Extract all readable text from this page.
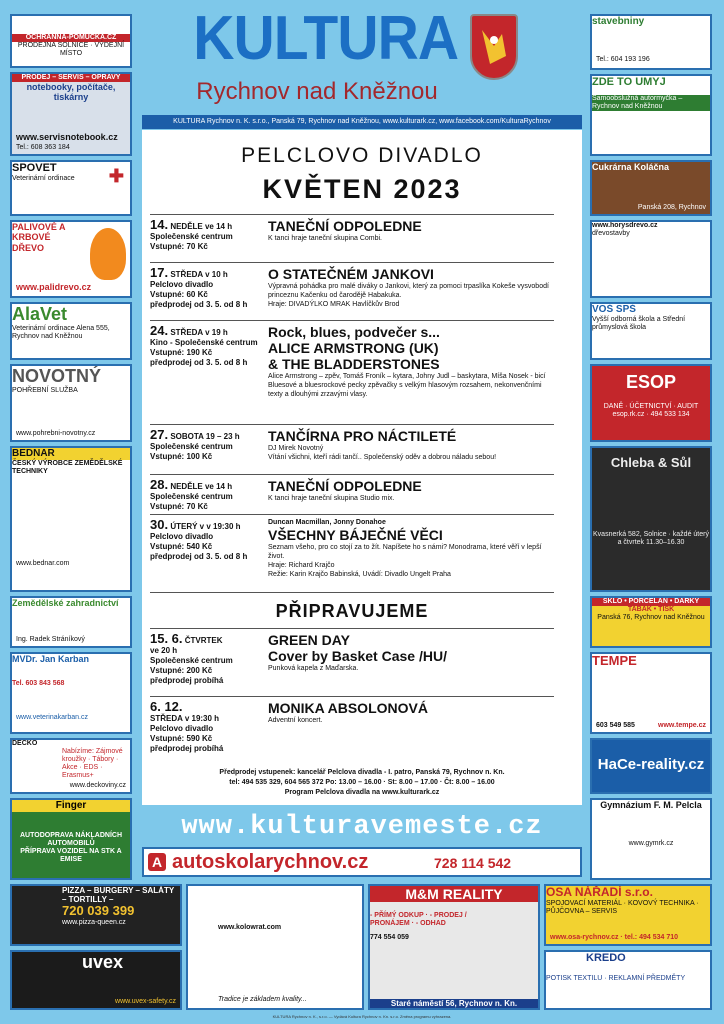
KULTURA
Rychnov nad Kněžnou
KULTURA Rychnov n. K. s.r.o., Panská 79, Rychnov nad Kněžnou, www.kulturark.cz, www.facebook.com/KulturaRychnov
PELCLOVO DIVADLO
KVĚTEN 2023
14. NEDĚLE ve 14 h
Společenské centrum
Vstupné: 70 Kč
TANEČNÍ ODPOLEDNE
K tanci hraje taneční skupina Combi.
17. STŘEDA v 10 h
Pelclovo divadlo
Vstupné: 60 Kč
předprodej od 3. 5. od 8 h
O STATEČNÉM JANKOVI
Výpravná pohádka pro malé diváky o Jankovi, který za pomoci trpaslíka Kokeše vysvobodí princeznu Kačenku od čarodějě Habakuka.
Hraje: DIVADÝLKO MRAK Havlíčkův Brod
24. STŘEDA v 19 h
Kino - Společenské centrum
Vstupné: 190 Kč
předprodej od 3. 5. od 8 h
Rock, blues, podvečer s...
ALICE ARMSTRONG (UK)
& THE BLADDERSTONES
Alice Armstrong – zpěv, Tomáš Froník – kytara, Johny Judl – baskytara, Míša Nosek - bicí
Bluesové a bluesrockové pecky zpěvačky s velkým hlasovým rozsahem, nekonvenčními texty a dlouhými zrzavými vlasy.
27. SOBOTA 19 – 23 h
Společenské centrum
Vstupné: 100 Kč
TANČÍRNA PRO NÁCTILETÉ
DJ Mirek Novotný
Vítání všichni, kteří rádi tančí.. Společenský oděv a dobrou náladu sebou!
28. NEDĚLE ve 14 h
Společenské centrum
Vstupné: 70 Kč
TANEČNÍ ODPOLEDNE
K tanci hraje taneční skupina Studio mix.
30. ÚTERÝ v v 19:30 h
Pelclovo divadlo
Vstupné: 540 Kč
předprodej od 3. 5. od 8 h
Duncan Macmillan, Jonny Donahoe
VŠECHNY BÁJEČNÉ VĚCI
Seznam všeho, pro co stojí za to žít. Napíšete ho s námi? Monodrama, které věří v lepší život.
Hraje: Richard Krajčo
Režie: Karin Krajčo Babinská, Uvádí: Divadlo Ungelt Praha
PŘIPRAVUJEME
15. 6. ČTVRTEK
ve 20 h
Společenské centrum
Vstupné: 200 Kč
předprodej probíhá
GREEN DAY
Cover by Basket Case /HU/
Punková kapela z Maďarska.
6. 12.
STŘEDA v 19:30 h
Pelclovo divadlo
Vstupné: 590 Kč
předprodej probíhá
MONIKA ABSOLONOVÁ
Adventní koncert.
Předprodej vstupenek: kancelář Pelclova divadla - I. patro, Panská 79, Rychnov n. Kn.
tel: 494 535 329, 604 565 372 Po: 13.00 – 16.00 · St: 8.00 – 17.00 · Čt: 8.00 – 16.00
Program Pelclova divadla na www.kulturark.cz
www.kulturavemeste.cz
A autoskolarychnov.cz	728 114 542
OCHRANNA-POMUCKA.CZ
PRODEJNA SOLNICE · VÝDEJNÍ MÍSTO
PRODEJ – SERVIS – OPRAVY
notebooky, počítače, tiskárny
www.servisnotebook.cz
Tel.: 608 363 184
SPOVET
Veterinární ordinace	✚
PALIVOVÉ A KRBOVÉ DŘEVO
www.palidrevo.cz
AlaVet
Veterinární ordinace Alena 555, Rychnov nad Kněžnou
NOVOTNÝ
POHŘEBNÍ SLUŽBA
www.pohrebni-novotny.cz
BEDNAR
ČESKÝ VÝROBCE ZEMĚDĚLSKÉ TECHNIKY
www.bednar.com
Zemědělské zahradnictví
Ing. Radek Stráníkový
MVDr. Jan Karban
Tel. 603 843 568
www.veterinakarban.cz
DĚČKO
Nabízíme: Zájmové kroužky · Tábory · Akce · EDS · Erasmus+
www.deckoviny.cz
Finger
AUTODOPRAVA NÁKLADNÍCH AUTOMOBILŮ
PŘÍPRAVA VOZIDEL NA STK A EMISE
stavebniny
Tel.: 604 193 196
ZDE TO UMYJ
Samoobslužná autormyčka – Rychnov nad Kněžnou
Cukrárna Koláčna
Panská 208, Rychnov
www.horysdrevo.cz
dřevostavby
VOŠ SPŠ
Vyšší odborná škola a Střední průmyslová škola
ESOP
DANĚ · ÚČETNICTVÍ · AUDIT
esop.rk.cz · 494 533 134
Chleba & Sůl
Kvasnerká 582, Solnice · každé úterý a čtvrtek 11.30–16.30
SKLO • PORCELÁN • DÁRKY
TABÁK • TISK
Panská 76, Rychnov nad Kněžnou
TEMPE
www.tempe.cz
603 549 585
HaCe-reality.cz
Gymnázium F. M. Pelcla
www.gymrk.cz
PIZZA – BURGERY – SALÁTY – TORTILLY –
720 039 399
www.pizza-queen.cz
uvex
www.uvex-safety.cz
www.kolowrat.com
Tradice je základem kvality...
M&M REALITY
- PŘÍMÝ ODKUP · - PRODEJ / PRONÁJEM · - ODHAD
774 554 059
Staré náměstí 56, Rychnov n. Kn.
OSA NÁŘADÍ s.r.o.
SPOJOVACÍ MATERIÁL · KOVOVÝ TECHNIKA · PŮJČOVNA – SERVIS
www.osa-rychnov.cz · tel.: 494 534 710
KREDO
POTISK TEXTILU · REKLAMNÍ PŘEDMĚTY
KULTURA Rychnov n. K., s.r.o. — Vydává Kultura Rychnov n. Kn. s.r.o. Změna programu vyhrazena.
